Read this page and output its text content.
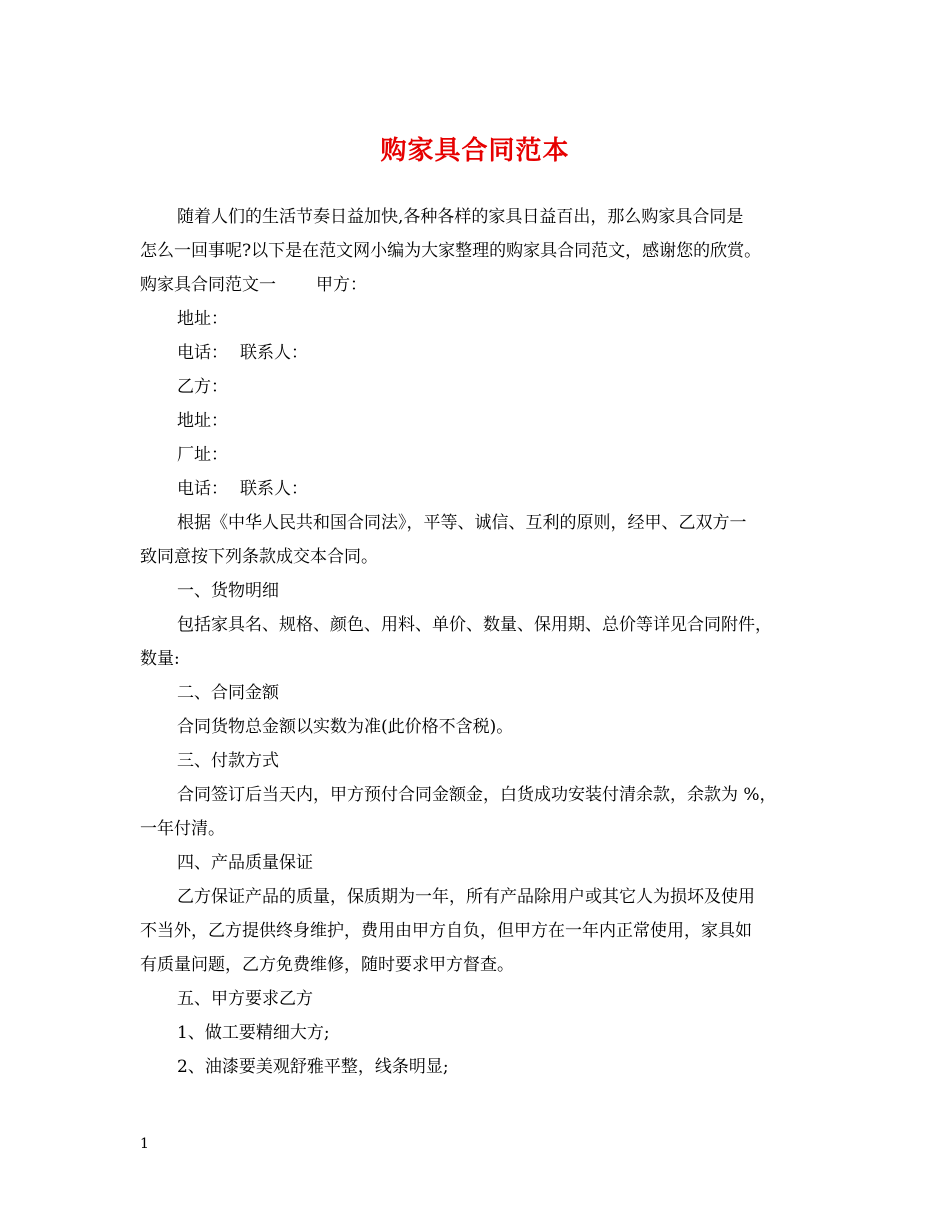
购家具合同范本

随着人们的生活节奏日益加快,各种各样的家具日益百出，那么购家具合同是

怎么一回事呢?以下是在范文网小编为大家整理的购家具合同范文，感谢您的欣赏。

购家具合同范文一 甲方：

地址：

电话： 联系人：

乙方：

地址：

厂址：

电话： 联系人：

根据《中华人民共和国合同法》，平等、诚信、互利的原则，经甲、乙双方一

致同意按下列条款成交本合同。

一、货物明细

包括家具名、规格、颜色、用料、单价、数量、保用期、总价等详见合同附件，

数量:

二、合同金额

合同货物总金额以实数为准(此价格不含税)。

三、付款方式

合同签订后当天内，甲方预付合同金额金，白货成功安装付清余款，余款为 %，

一年付清。

四、产品质量保证

乙方保证产品的质量，保质期为一年，所有产品除用户或其它人为损坏及使用

不当外，乙方提供终身维护，费用由甲方自负，但甲方在一年内正常使用，家具如

有质量问题，乙方免费维修，随时要求甲方督查。

五、甲方要求乙方

1、做工要精细大方;

2、油漆要美观舒雅平整，线条明显;

1
